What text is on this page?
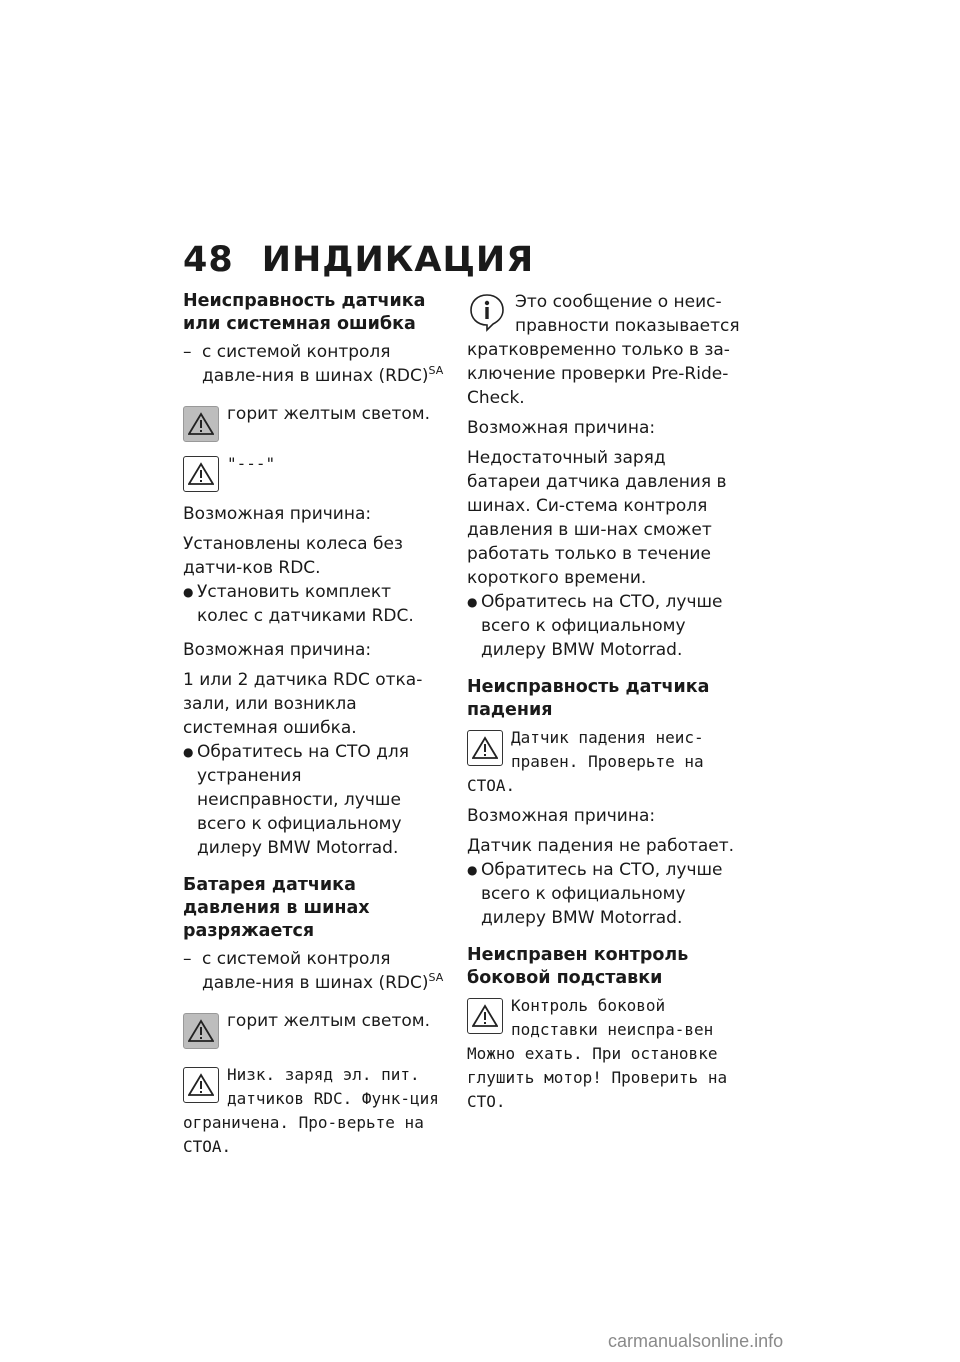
48 ИНДИКАЦИЯ
Неисправность датчика или системная ошибка
– с системой контроля давле-ния в шинах (RDC)$^{SA}$

горит желтым светом.

"---"

Возможная причина:

Установлены колеса без датчи-ков RDC.

● Установить комплект колес с датчиками RDC.

Возможная причина:

1 или 2 датчика RDC отка-зали, или возникла системная ошибка.

● Обратитесь на СТО для устранения неисправности, лучше всего к официальному дилеру BMW Motorrad.
Батарея датчика давления в шинах разряжается
– с системой контроля давле-ния в шинах (RDC)$^{SA}$

горит желтым светом.

Низк. заряд эл. пит. датчиков RDC. Функ-ция ограничена. Про-верьте на СТОА.

Это сообщение о неис-правности показывается кратковременно только в за-ключение проверки Pre-Ride-Check.

Возможная причина:

Недостаточный заряд батареи датчика давления в шинах. Си-стема контроля давления в ши-нах сможет работать только в течение короткого времени.

● Обратитесь на СТО, лучше всего к официальному дилеру BMW Motorrad.
Неисправность датчика падения

Датчик падения неис-правен. Проверьте на СТОА.

Возможная причина:

Датчик падения не работает.

● Обратитесь на СТО, лучше всего к официальному дилеру BMW Motorrad.
Неисправен контроль боковой подставки

Контроль боковой подставки неиспра-вен Можно ехать. При остановке глушить мотор! Проверить на СТО.

carmanualsonline.info
